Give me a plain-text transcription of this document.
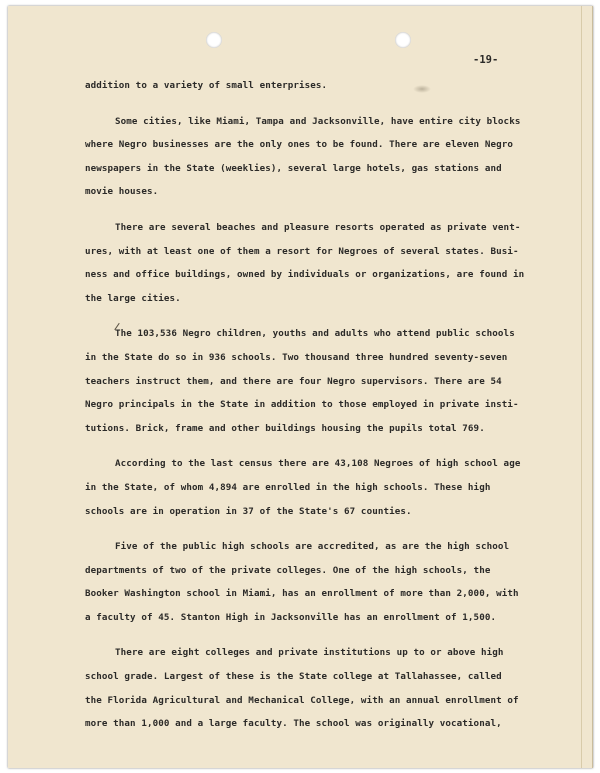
-19-
addition to a variety of small enterprises.
Some cities, like Miami, Tampa and Jacksonville, have entire city blocks
where Negro businesses are the only ones to be found. There are eleven Negro
newspapers in the State (weeklies), several large hotels, gas stations and
movie houses.
There are several beaches and pleasure resorts operated as private vent-
ures, with at least one of them a resort for Negroes of several states. Busi-
ness and office buildings, owned by individuals or organizations, are found in
the large cities.
The 103,536 Negro children, youths and adults who attend public schools
in the State do so in 936 schools. Two thousand three hundred seventy-seven
teachers instruct them, and there are four Negro supervisors. There are 54
Negro principals in the State in addition to those employed in private insti-
tutions. Brick, frame and other buildings housing the pupils total 769.
According to the last census there are 43,108 Negroes of high school age
in the State, of whom 4,894 are enrolled in the high schools. These high
schools are in operation in 37 of the State's 67 counties.
Five of the public high schools are accredited, as are the high school
departments of two of the private colleges. One of the high schools, the
Booker Washington school in Miami, has an enrollment of more than 2,000, with
a faculty of 45. Stanton High in Jacksonville has an enrollment of 1,500.
There are eight colleges and private institutions up to or above high
school grade. Largest of these is the State college at Tallahassee, called
the Florida Agricultural and Mechanical College, with an annual enrollment of
more than 1,000 and a large faculty. The school was originally vocational,
